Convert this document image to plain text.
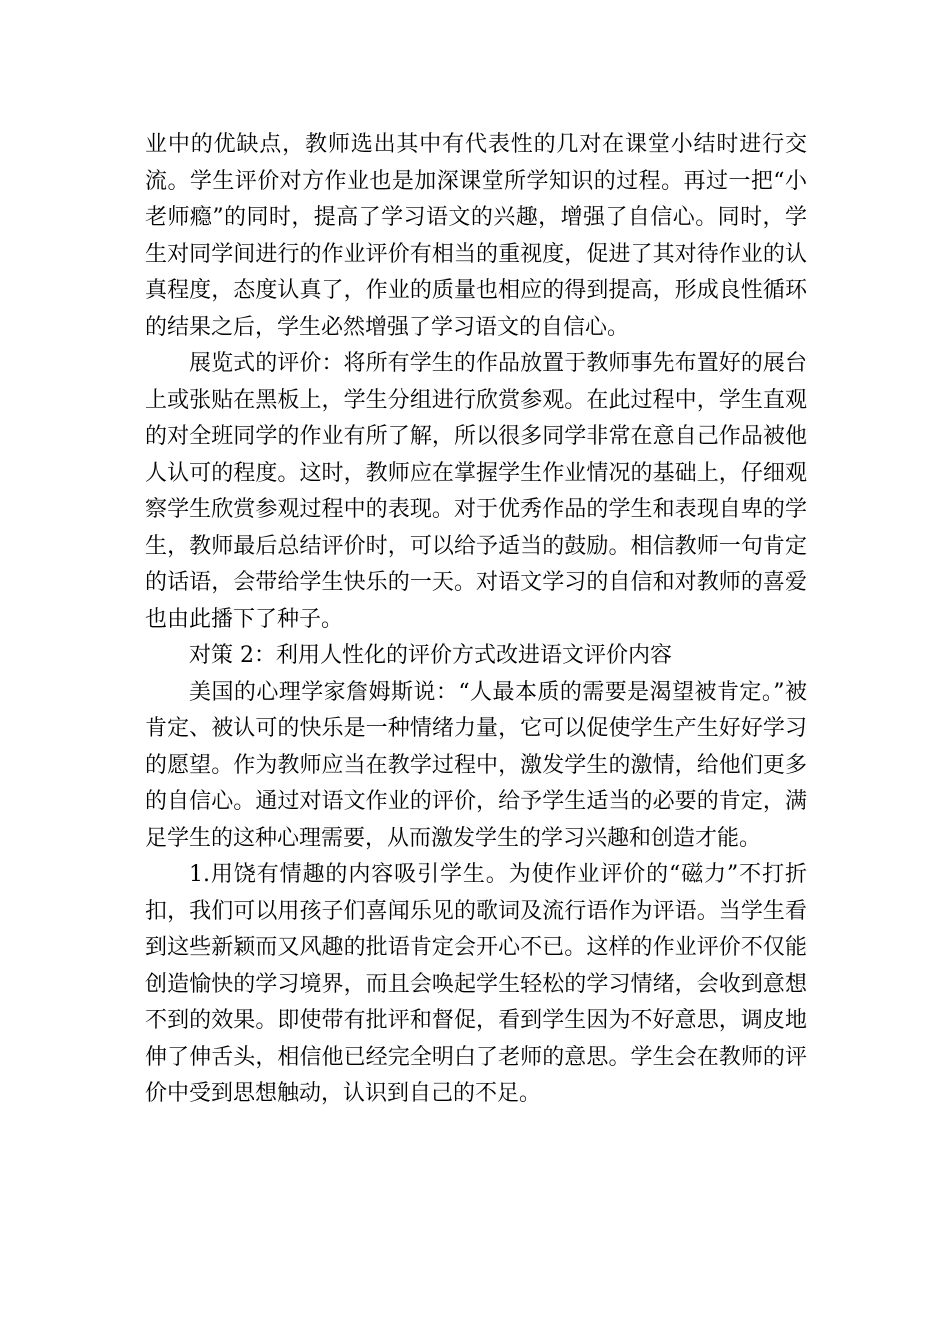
业中的优缺点，教师选出其中有代表性的几对在课堂小结时进行交流。学生评价对方作业也是加深课堂所学知识的过程。再过一把“小老师瘾”的同时，提高了学习语文的兴趣，增强了自信心。同时，学生对同学间进行的作业评价有相当的重视度，促进了其对待作业的认真程度，态度认真了，作业的质量也相应的得到提高，形成良性循环的结果之后，学生必然增强了学习语文的自信心。

展览式的评价：将所有学生的作品放置于教师事先布置好的展台上或张贴在黑板上，学生分组进行欣赏参观。在此过程中，学生直观的对全班同学的作业有所了解，所以很多同学非常在意自己作品被他人认可的程度。这时，教师应在掌握学生作业情况的基础上，仔细观察学生欣赏参观过程中的表现。对于优秀作品的学生和表现自卑的学生，教师最后总结评价时，可以给予适当的鼓励。相信教师一句肯定的话语，会带给学生快乐的一天。对语文学习的自信和对教师的喜爱也由此播下了种子。

对策 2：利用人性化的评价方式改进语文评价内容

美国的心理学家詹姆斯说：“人最本质的需要是渴望被肯定。”被肯定、被认可的快乐是一种情绪力量，它可以促使学生产生好好学习的愿望。作为教师应当在教学过程中，激发学生的激情，给他们更多的自信心。通过对语文作业的评价，给予学生适当的必要的肯定，满足学生的这种心理需要，从而激发学生的学习兴趣和创造才能。

1.用饶有情趣的内容吸引学生。为使作业评价的“磁力”不打折扣，我们可以用孩子们喜闻乐见的歌词及流行语作为评语。当学生看到这些新颖而又风趣的批语肯定会开心不已。这样的作业评价不仅能创造愉快的学习境界，而且会唤起学生轻松的学习情绪，会收到意想不到的效果。即使带有批评和督促，看到学生因为不好意思，调皮地伸了伸舌头，相信他已经完全明白了老师的意思。学生会在教师的评价中受到思想触动，认识到自己的不足。
